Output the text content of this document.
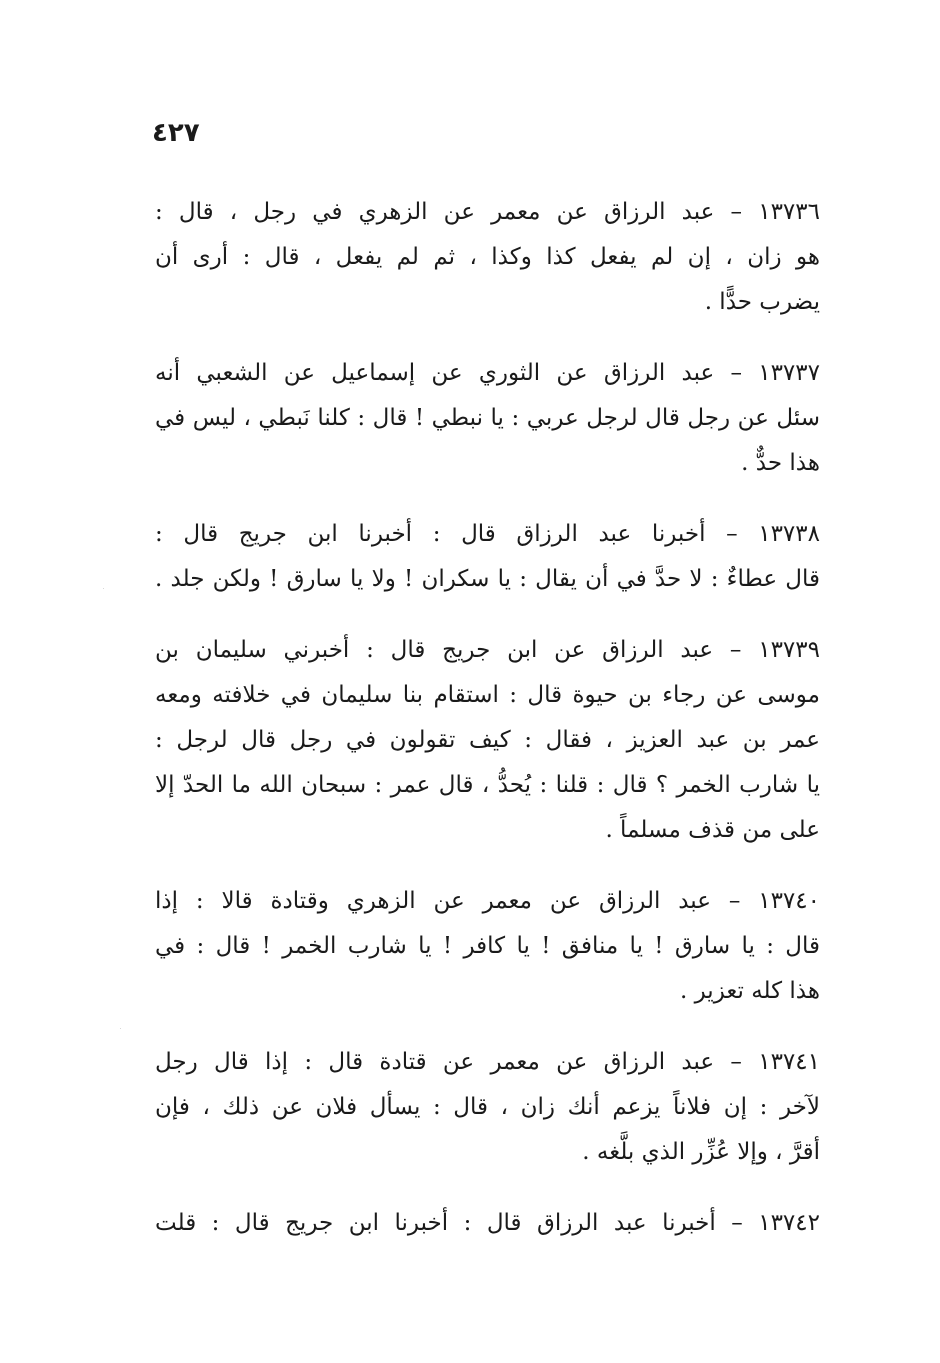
٤٢٧

١٣٧٣٦ – عبد الرزاق عن معمر عن الزهري في رجل ، قال :
هو زان ، إن لم يفعل كذا وكذا ، ثم لم يفعل ، قال : أرى أن
يضرب حدًّا .

١٣٧٣٧ – عبد الرزاق عن الثوري عن إسماعيل عن الشعبي أنه
سئل عن رجل قال لرجل عربي : يا نبطي ! قال : كلنا نَبطي ، ليس في
هذا حدٌّ .

١٣٧٣٨ – أخبرنا عبد الرزاق قال : أخبرنا ابن جريج قال :
قال عطاءٌ : لا حدَّ في أن يقال : يا سكران ! ولا يا سارق ! ولكن جلد .

١٣٧٣٩ – عبد الرزاق عن ابن جريج قال : أخبرني سليمان بن
موسى عن رجاء بن حيوة قال : استقام بنا سليمان في خلافته ومعه
عمر بن عبد العزيز ، فقال : كيف تقولون في رجل قال لرجل :
يا شارب الخمر ؟ قال : قلنا : يُحدُّ ، قال عمر : سبحان الله ما الحدّ إلا
على من قذف مسلماً .

١٣٧٤٠ – عبد الرزاق عن معمر عن الزهري وقتادة قالا : إذا
قال : يا سارق ! يا منافق ! يا كافر ! يا شارب الخمر ! قال : في
هذا كله تعزير .

١٣٧٤١ – عبد الرزاق عن معمر عن قتادة قال : إذا قال رجل
لآخر : إن فلاناً يزعم أنك زان ، قال : يسأل فلان عن ذلك ، فإن
أقرَّ ، وإلا عُزِّر الذي بلَّغه .

١٣٧٤٢ – أخبرنا عبد الرزاق قال : أخبرنا ابن جريج قال : قلت
